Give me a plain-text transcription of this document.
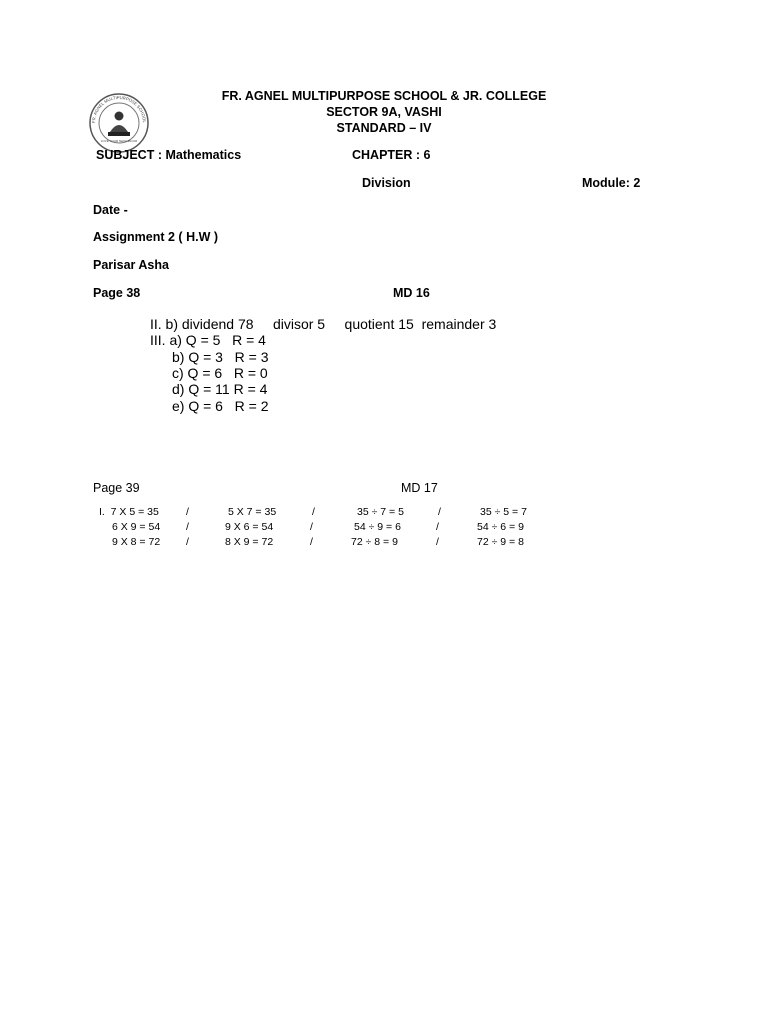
FR. AGNEL MULTIPURPOSE SCHOOL
LOVE YOUR NEIGHBOUR
FR. AGNEL MULTIPURPOSE SCHOOL & JR. COLLEGE
SECTOR 9A, VASHI
STANDARD – IV
SUBJECT : Mathematics	CHAPTER : 6
Division	Module: 2
Date -
Assignment 2 ( H.W )
Parisar Asha
Page 38	MD 16
II. b) dividend 78     divisor 5     quotient 15  remainder 3
III. a) Q = 5   R = 4
b) Q = 3   R = 3
c) Q = 6   R = 0
d) Q = 11 R = 4
e) Q = 6   R = 2
Page 39	MD 17
I.  7 X 5 = 35	/	5 X 7 = 35	/	35 ÷ 7 = 5	/	35 ÷ 5 = 7
6 X 9 = 54 /	9 X 6 = 54	/	54 ÷ 9 = 6	/	54 ÷ 6 = 9
9 X 8 = 72 /	8 X 9 = 72	/	72 ÷ 8 = 9	/	72 ÷ 9 = 8
